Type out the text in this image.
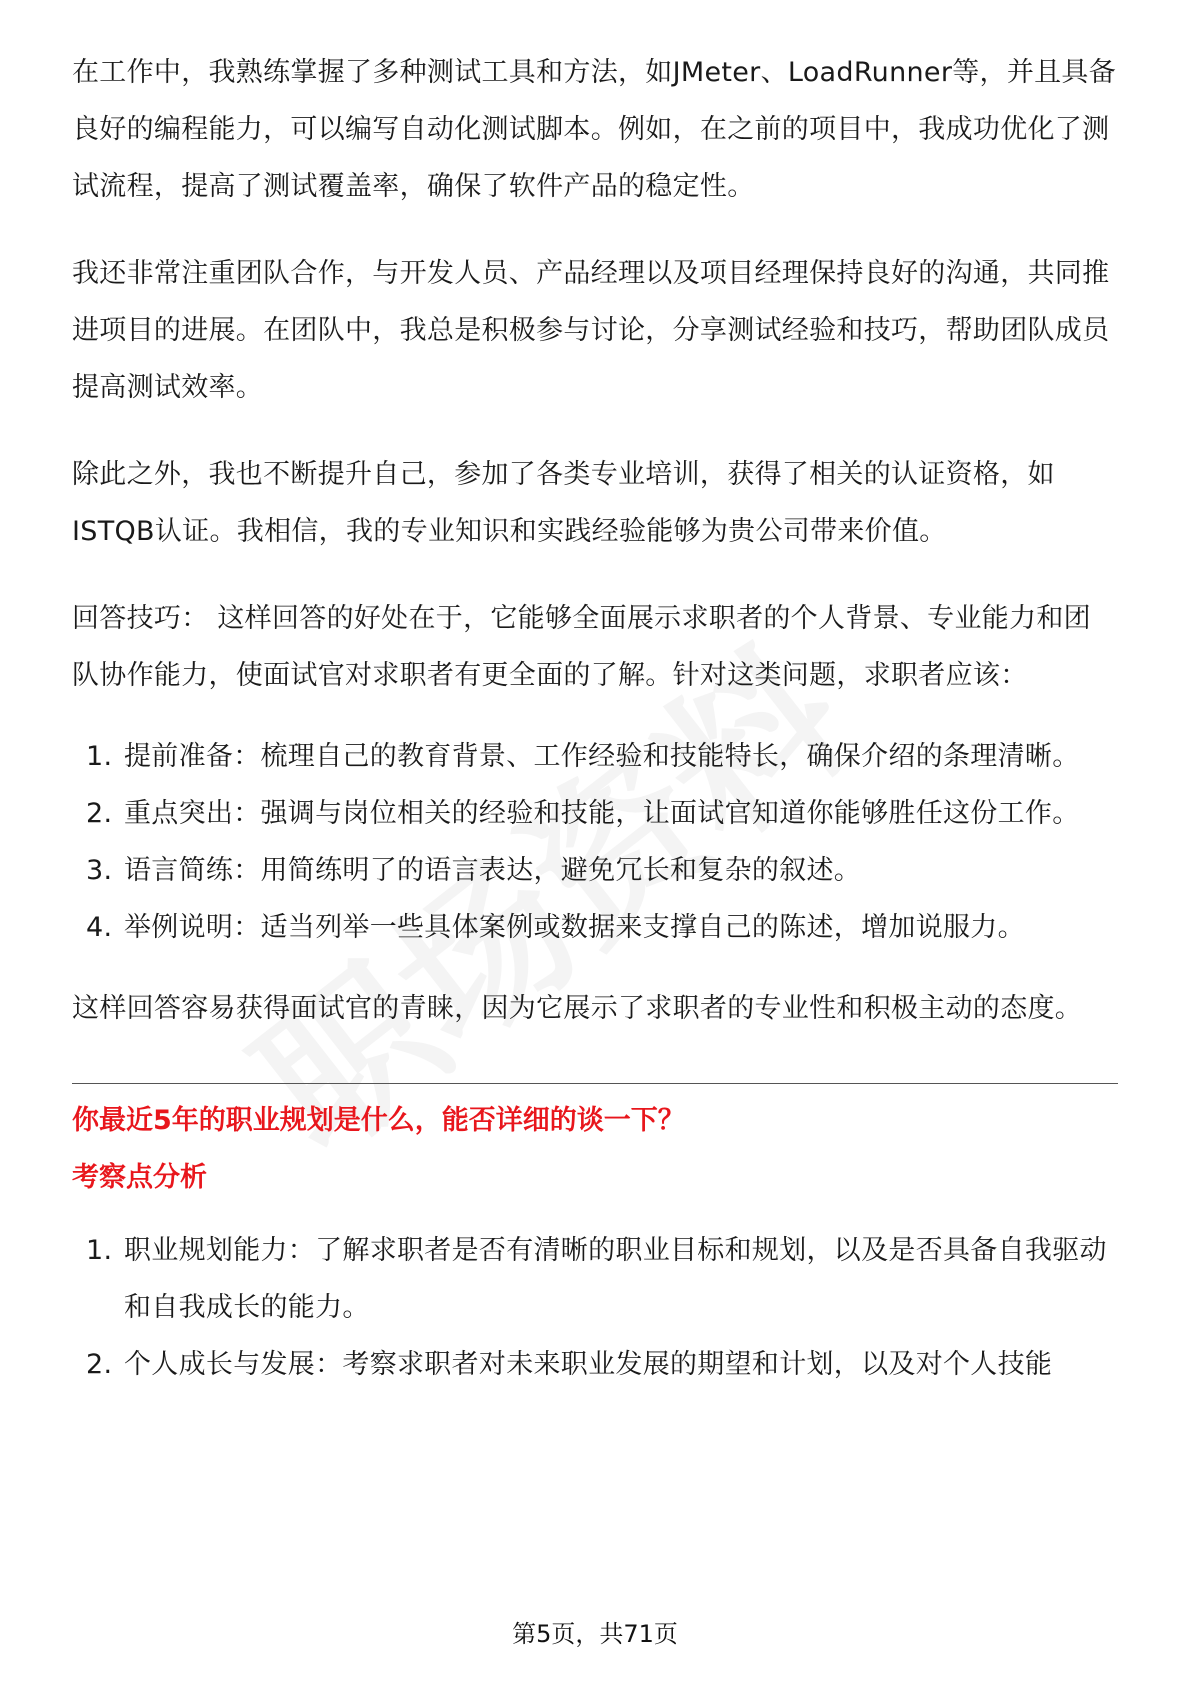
在工作中，我熟练掌握了多种测试工具和方法，如JMeter、LoadRunner等，并且具备良好的编程能力，可以编写自动化测试脚本。例如，在之前的项目中，我成功优化了测试流程，提高了测试覆盖率，确保了软件产品的稳定性。

我还非常注重团队合作，与开发人员、产品经理以及项目经理保持良好的沟通，共同推进项目的进展。在团队中，我总是积极参与讨论，分享测试经验和技巧，帮助团队成员提高测试效率。

除此之外，我也不断提升自己，参加了各类专业培训，获得了相关的认证资格，如ISTQB认证。我相信，我的专业知识和实践经验能够为贵公司带来价值。

回答技巧： 这样回答的好处在于，它能够全面展示求职者的个人背景、专业能力和团队协作能力，使面试官对求职者有更全面的了解。针对这类问题，求职者应该：

1. 提前准备：梳理自己的教育背景、工作经验和技能特长，确保介绍的条理清晰。
2. 重点突出：强调与岗位相关的经验和技能，让面试官知道你能够胜任这份工作。
3. 语言简练：用简练明了的语言表达，避免冗长和复杂的叙述。
4. 举例说明：适当列举一些具体案例或数据来支撑自己的陈述，增加说服力。

这样回答容易获得面试官的青睐，因为它展示了求职者的专业性和积极主动的态度。

你最近5年的职业规划是什么，能否详细的谈一下？
考察点分析
1. 职业规划能力：了解求职者是否有清晰的职业目标和规划，以及是否具备自我驱动和自我成长的能力。
2. 个人成长与发展：考察求职者对未来职业发展的期望和计划，以及对个人技能
第5页，共71页
